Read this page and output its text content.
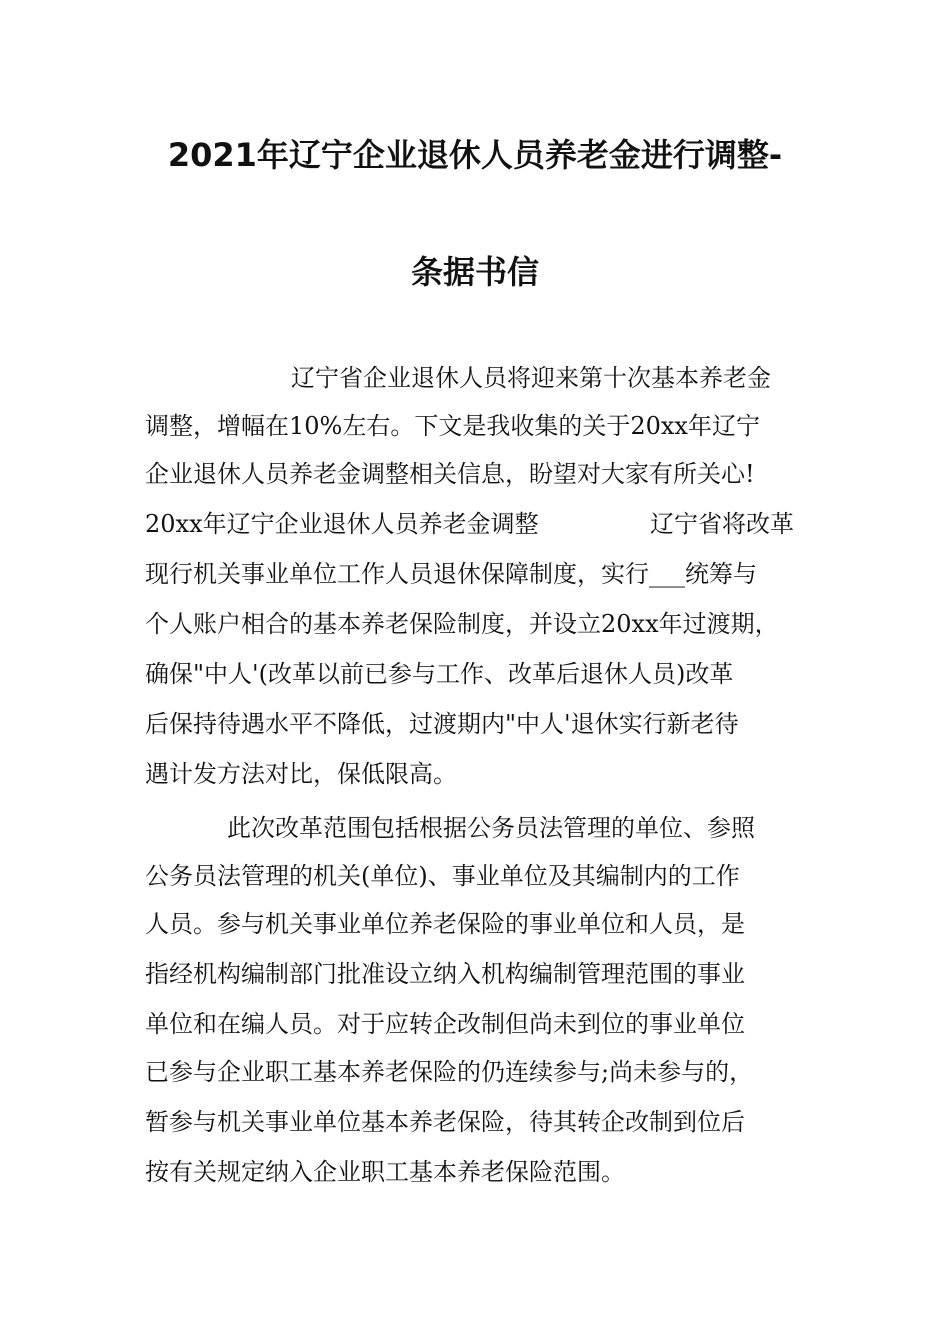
2021年辽宁企业退休人员养老金进行调整-
条据书信
辽宁省企业退休人员将迎来第十次基本养老金
调整，增幅在10%左右。下文是我收集的关于20xx年辽宁
企业退休人员养老金调整相关信息，盼望对大家有所关心!
20xx年辽宁企业退休人员养老金调整	辽宁省将改革
现行机关事业单位工作人员退休保障制度，实行___统筹与
个人账户相合的基本养老保险制度，并设立20xx年过渡期，
确保"中人'(改革以前已参与工作、改革后退休人员)改革
后保持待遇水平不降低，过渡期内"中人'退休实行新老待
遇计发方法对比，保低限高。
此次改革范围包括根据公务员法管理的单位、参照
公务员法管理的机关(单位)、事业单位及其编制内的工作
人员。参与机关事业单位养老保险的事业单位和人员，是
指经机构编制部门批准设立纳入机构编制管理范围的事业
单位和在编人员。对于应转企改制但尚未到位的事业单位
已参与企业职工基本养老保险的仍连续参与;尚未参与的，
暂参与机关事业单位基本养老保险，待其转企改制到位后
按有关规定纳入企业职工基本养老保险范围。
